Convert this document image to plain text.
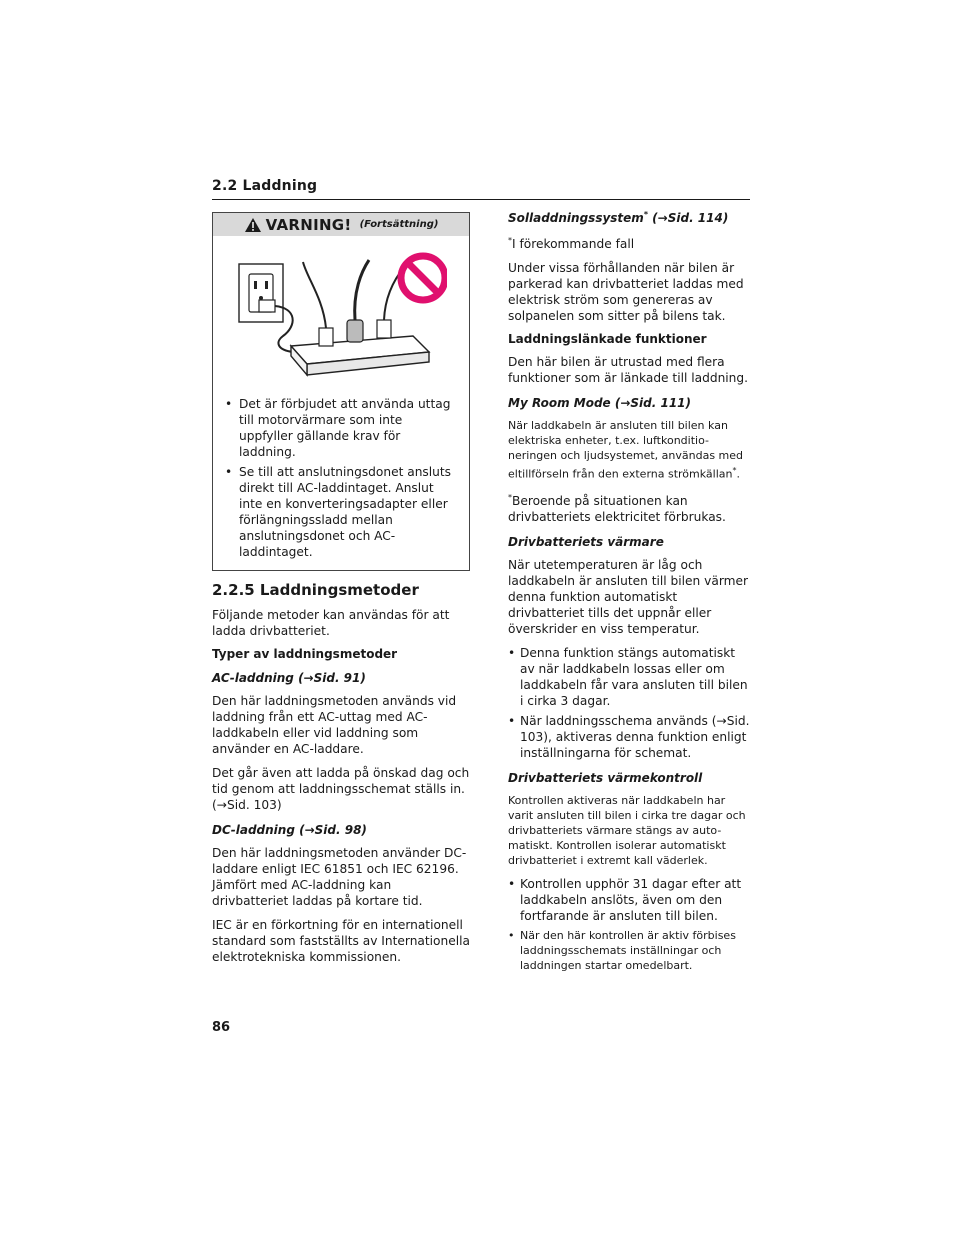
2.2 Laddning
VARNING! (Fortsättning)
• Det är förbjudet att använda uttag till motorvärmare som inte uppfyller gällande krav för laddning.
• Se till att anslutningsdonet ansluts direkt till AC-laddintaget. Anslut inte en konverteringsadapter eller förlängningssladd mellan anslutningsdonet och AC-laddintaget.
2.2.5 Laddningsmetoder

Följande metoder kan användas för att ladda drivbatteriet.

Typer av laddningsmetoder
AC-laddning (→Sid. 91)

Den här laddningsmetoden används vid laddning från ett AC-uttag med AC-laddkabeln eller vid laddning som använder en AC-laddare.

Det går även att ladda på önskad dag och tid genom att laddningsschemat ställs in. (→Sid. 103)

DC-laddning (→Sid. 98)

Den här laddningsmetoden använder DC-laddare enligt IEC 61851 och IEC 62196. Jämfört med AC-laddning kan drivbatteriet laddas på kortare tid.

IEC är en förkortning för en internationell standard som fastställts av Internationella elektrotekniska kommissionen.

Solladdningssystem* (→Sid. 114)

*I förekommande fall

Under vissa förhållanden när bilen är parkerad kan drivbatteriet laddas med elektrisk ström som genereras av solpanelen som sitter på bilens tak.

Laddningslänkade funktioner

Den här bilen är utrustad med flera funktioner som är länkade till laddning.

My Room Mode (→Sid. 111)

När laddkabeln är ansluten till bilen kan elektriska enheter, t.ex. luftkonditio-neringen och ljudsystemet, användas med eltillförseln från den externa strömkällan*.

*Beroende på situationen kan drivbatteriets elektricitet förbrukas.

Drivbatteriets värmare

När utetemperaturen är låg och laddkabeln är ansluten till bilen värmer denna funktion automatiskt drivbatteriet tills det uppnår eller överskrider en viss temperatur.

• Denna funktion stängs automatiskt av när laddkabeln lossas eller om laddkabeln får vara ansluten till bilen i cirka 3 dagar.
• När laddningsschema används (→Sid. 103), aktiveras denna funktion enligt inställningarna för schemat.
Drivbatteriets värmekontroll

Kontrollen aktiveras när laddkabeln har varit ansluten till bilen i cirka tre dagar och drivbatteriets värmare stängs av auto-matiskt. Kontrollen isolerar automatiskt drivbatteriet i extremt kall väderlek.

• Kontrollen upphör 31 dagar efter att laddkabeln anslöts, även om den fortfarande är ansluten till bilen.
• När den här kontrollen är aktiv förbises laddningsschemats inställningar och laddningen startar omedelbart.
86
